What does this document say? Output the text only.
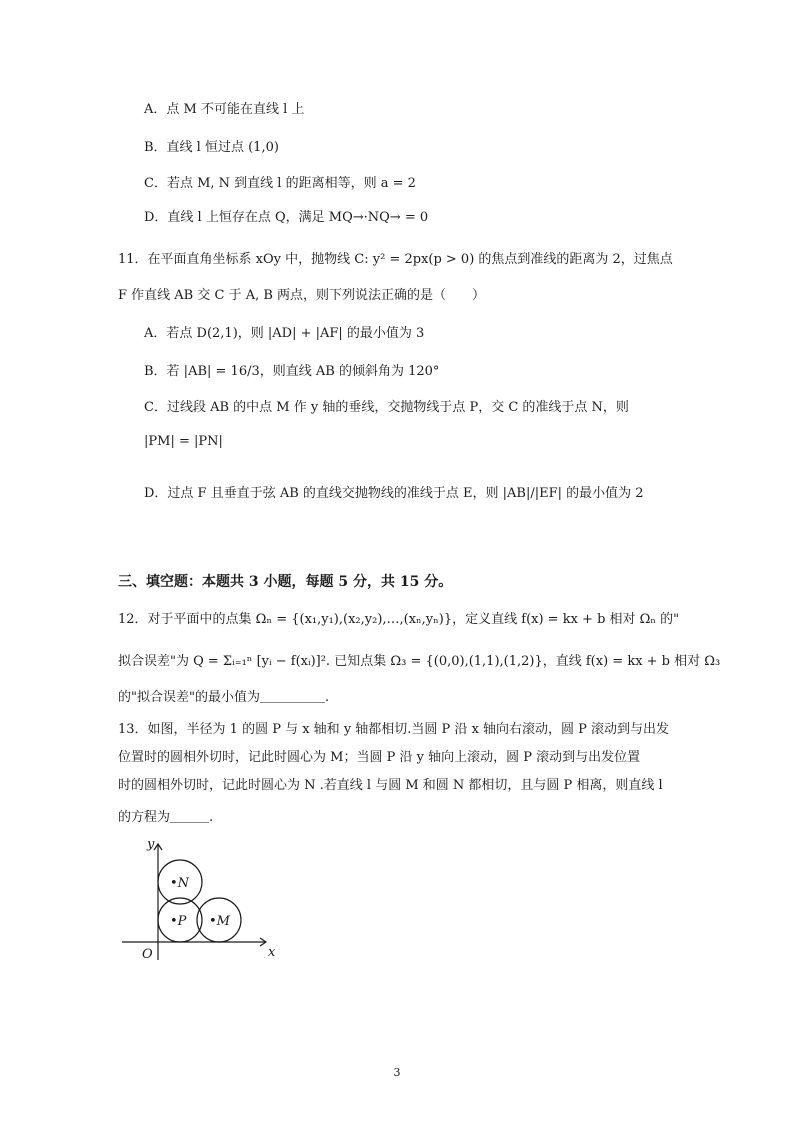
A．点 M 不可能在直线 l 上
B．直线 l 恒过点 (1,0)
C．若点 M, N 到直线 l 的距离相等，则 a = 2
D．直线 l 上恒存在点 Q，满足 MQ→·NQ→ = 0
11．在平面直角坐标系 xOy 中，抛物线 C: y² = 2px(p > 0) 的焦点到准线的距离为 2，过焦点
F 作直线 AB 交 C 于 A, B 两点，则下列说法正确的是（　　）
A．若点 D(2,1)，则 |AD| + |AF| 的最小值为 3
B．若 |AB| = 16/3，则直线 AB 的倾斜角为 120°
C．过线段 AB 的中点 M 作 y 轴的垂线，交抛物线于点 P，交 C 的准线于点 N，则
|PM| = |PN|
D．过点 F 且垂直于弦 AB 的直线交抛物线的准线于点 E，则 |AB|/|EF| 的最小值为 2
三、填空题：本题共 3 小题，每题 5 分，共 15 分。
12．对于平面中的点集 Ωₙ = {(x₁,y₁),(x₂,y₂),…,(xₙ,yₙ)}，定义直线 f(x) = kx + b 相对 Ωₙ 的"
拟合误差"为 Q = Σᵢ₌₁ⁿ [yᵢ − f(xᵢ)]². 已知点集 Ω₃ = {(0,0),(1,1),(1,2)}，直线 f(x) = kx + b 相对 Ω₃
的"拟合误差"的最小值为＿＿＿＿＿.
13．如图，半径为 1 的圆 P 与 x 轴和 y 轴都相切.当圆 P 沿 x 轴向右滚动，圆 P 滚动到与出发
位置时的圆相外切时，记此时圆心为 M；当圆 P 沿 y 轴向上滚动，圆 P 滚动到与出发位置
时的圆相外切时，记此时圆心为 N .若直线 l 与圆 M 和圆 N 都相切，且与圆 P 相离，则直线 l
的方程为＿＿＿.
y
x
O
•N
•P •M
3
